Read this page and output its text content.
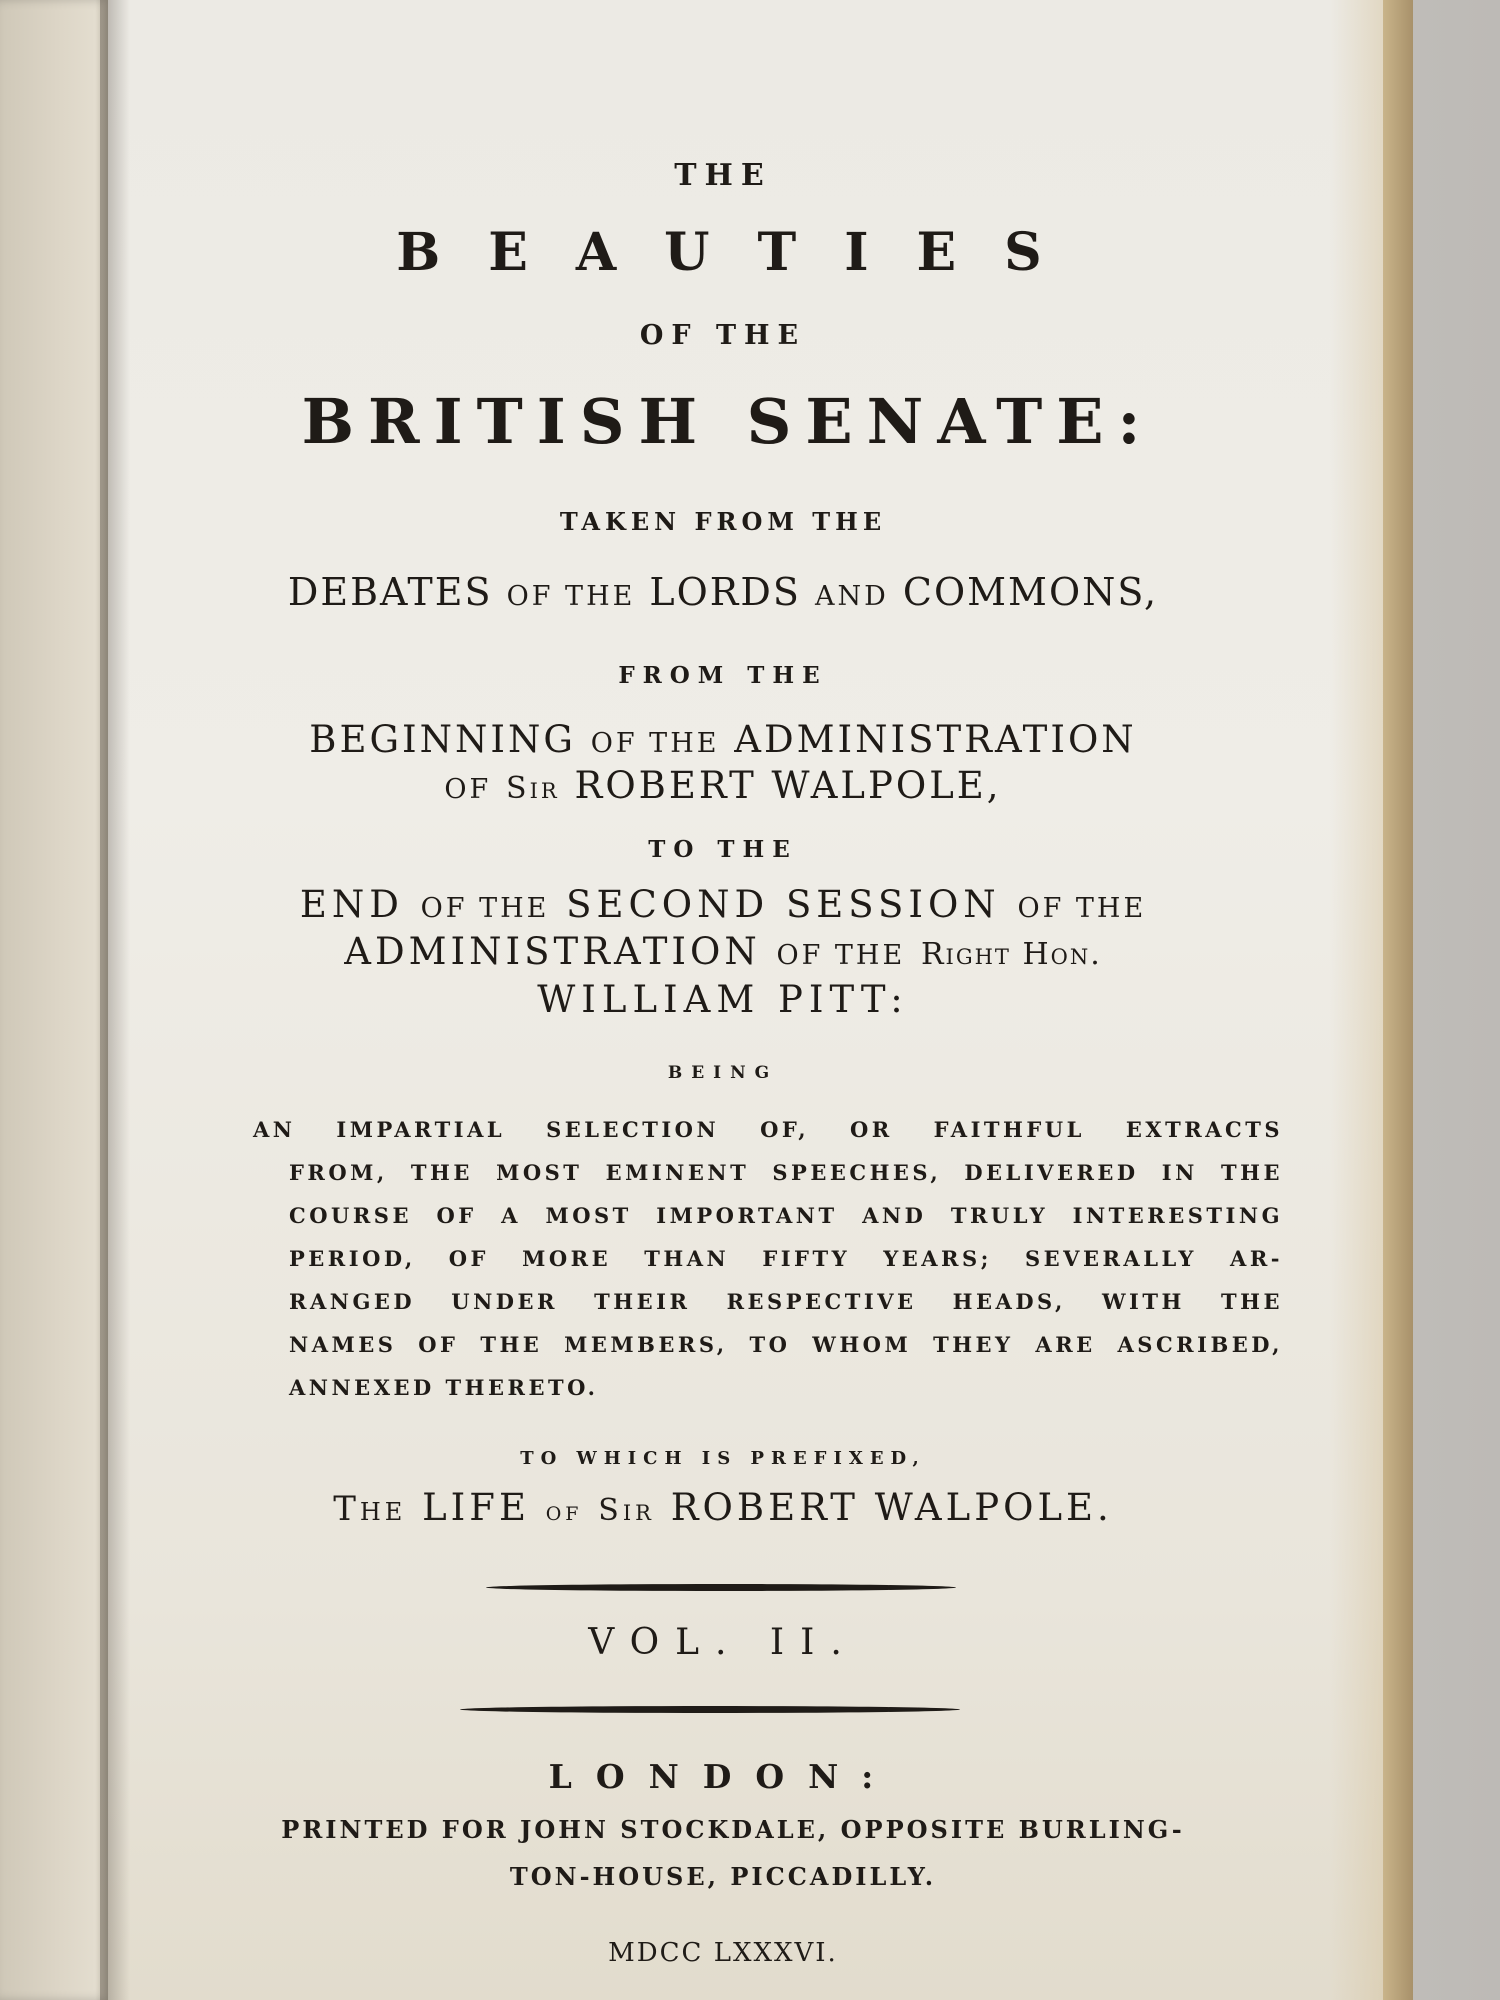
THE
BEAUTIES
OF THE
BRITISH SENATE:
TAKEN FROM THE
DEBATES OF THE LORDS AND COMMONS,
FROM THE
BEGINNING OF THE ADMINISTRATION
OF Sir ROBERT WALPOLE,
TO THE
END OF THE SECOND SESSION OF THE
ADMINISTRATION OF THE Right Hon.
WILLIAM PITT:
BEING
AN IMPARTIAL SELECTION OF, OR FAITHFUL EXTRACTS
FROM, THE MOST EMINENT SPEECHES, DELIVERED IN THE
COURSE OF A MOST IMPORTANT AND TRULY INTERESTING
PERIOD, OF MORE THAN FIFTY YEARS; SEVERALLY AR-
RANGED UNDER THEIR RESPECTIVE HEADS, WITH THE
NAMES OF THE MEMBERS, TO WHOM THEY ARE ASCRIBED,
ANNEXED THERETO.
TO WHICH IS PREFIXED,
The LIFE of Sir ROBERT WALPOLE.
VOL. II.
LONDON:
PRINTED FOR JOHN STOCKDALE, OPPOSITE BURLING-
TON-HOUSE, PICCADILLY.
MDCC LXXXVI.
